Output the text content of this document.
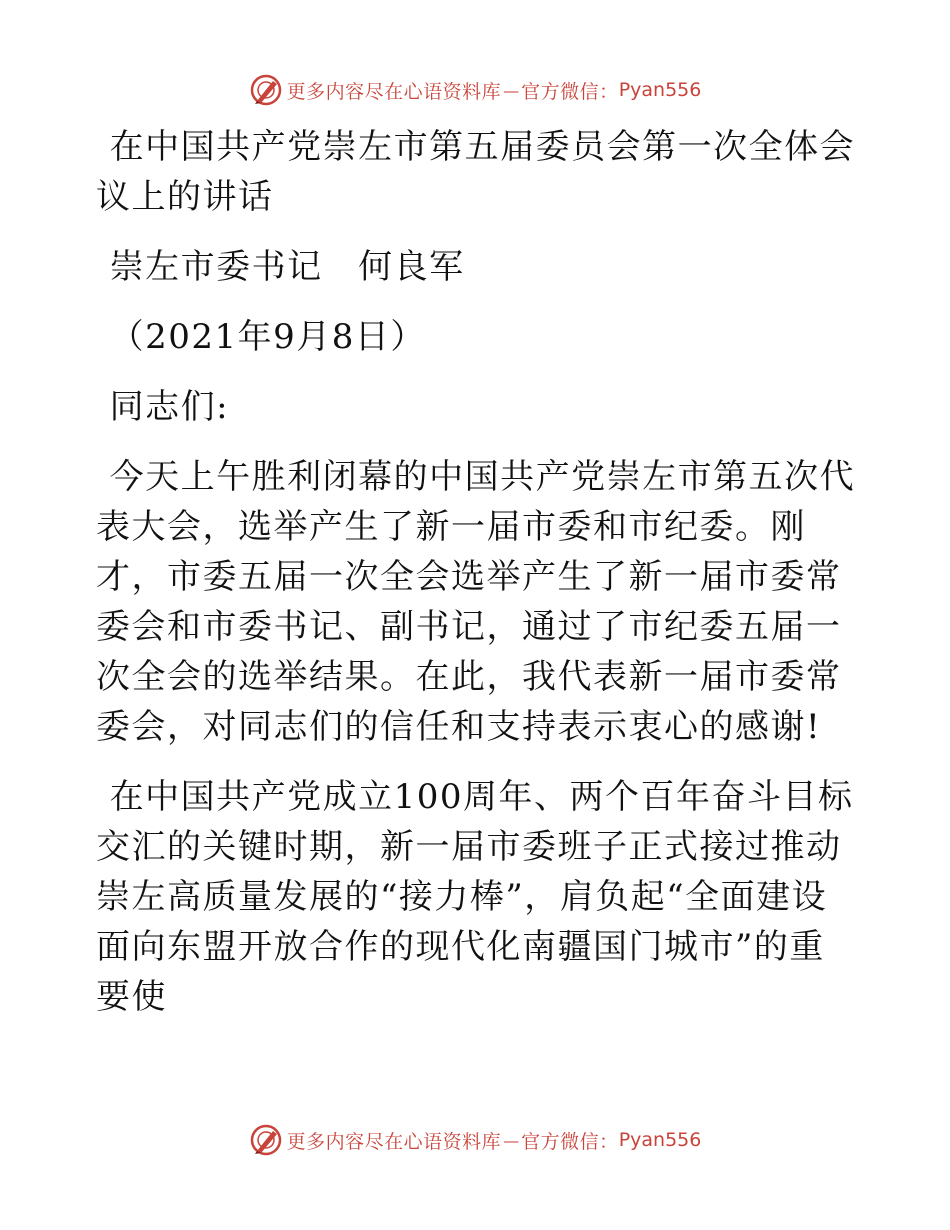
更多内容尽在心语资料库 — 官方微信： Pyan556

在中国共产党崇左市第五届委员会第一次全体会议上的讲话

崇左市委书记　何良军

（2021年9月8日）

同志们:

今天上午胜利闭幕的中国共产党崇左市第五次代表大会，选举产生了新一届市委和市纪委。刚才，市委五届一次全会选举产生了新一届市委常委会和市委书记、副书记，通过了市纪委五届一次全会的选举结果。在此，我代表新一届市委常委会，对同志们的信任和支持表示衷心的感谢!

在中国共产党成立100周年、两个百年奋斗目标交汇的关键时期，新一届市委班子正式接过推动崇左高质量发展的“接力棒”，肩负起“全面建设面向东盟开放合作的现代化南疆国门城市”的重要使

更多内容尽在心语资料库 — 官方微信： Pyan556
